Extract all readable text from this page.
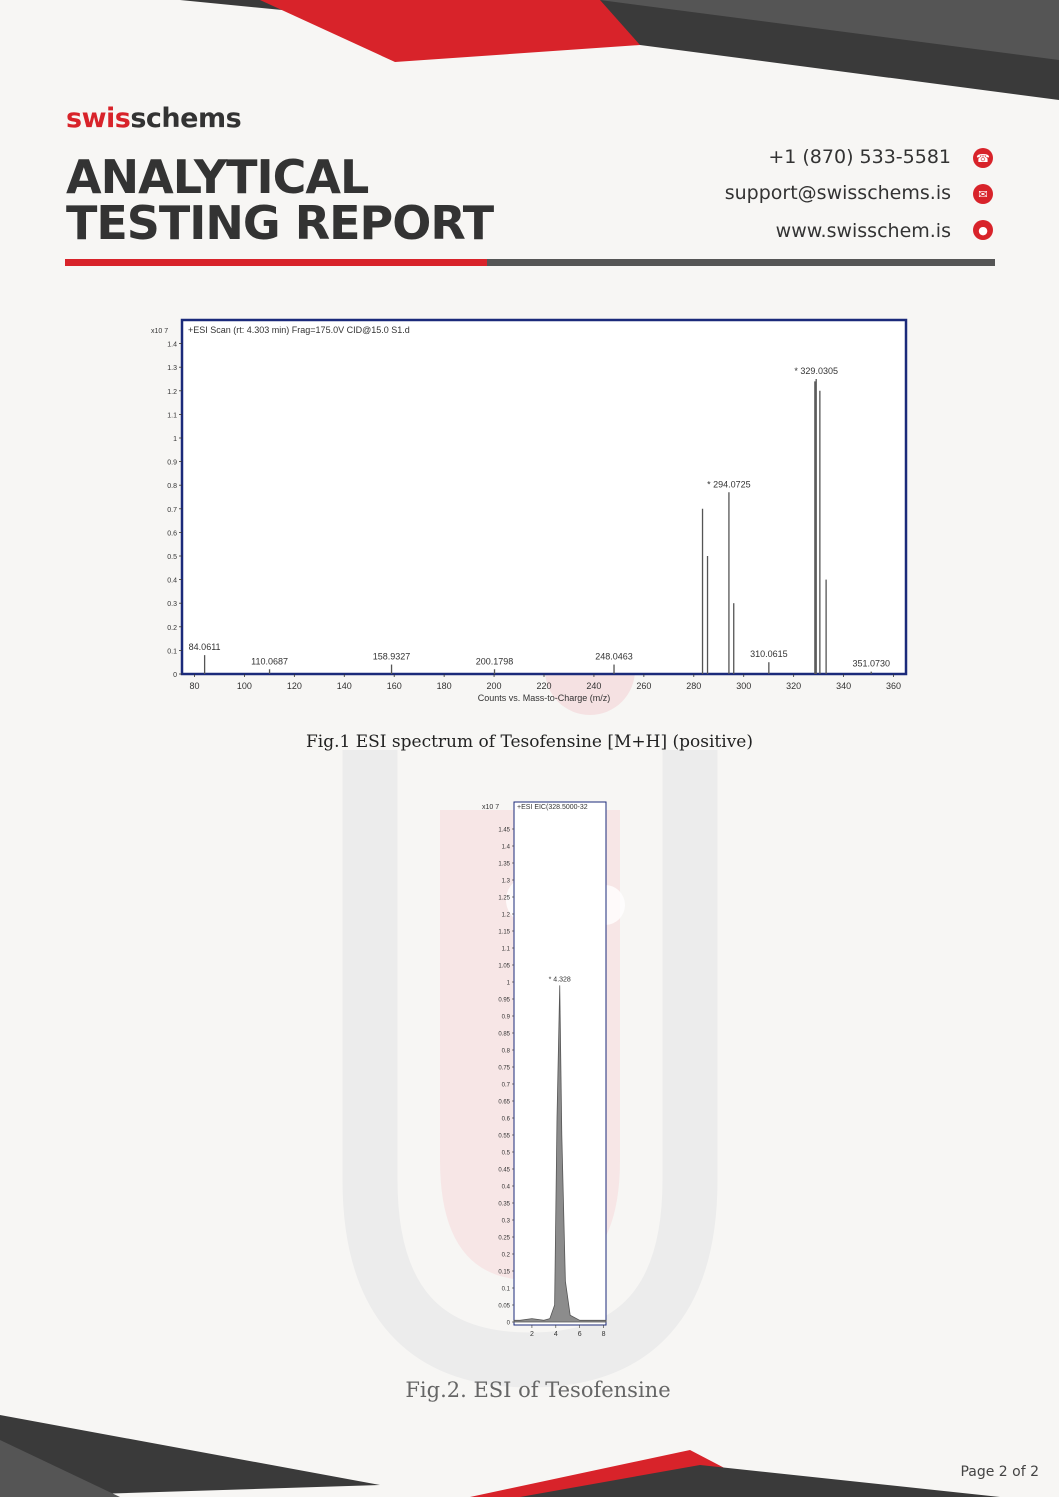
swisschems
ANALYTICAL
TESTING REPORT
+1 (870) 533-5581 ☎
support@swisschems.is	✉
www.swisschem.is	●
x10 7 +ESI Scan (rt: 4.303 min) Frag=175.0V CID@15.0 S1.d
0
0.1
0.2
0.3
0.4
0.5
0.6
0.7
0.8
0.9
1
1.1
1.2
1.3
1.4
80	100	120	140	160	180	200	220	240	260	280	300	320	340	360
84.0611
110.0687	158.9327	200.1798	248.0463
* 294.0725
310.0615
* 329.0305
351.0730
Counts vs. Mass-to-Charge (m/z)
Fig.1 ESI spectrum of Tesofensine [M+H] (positive)
x10 7	+ESI EIC(328.5000-32
0
0.05
0.1
0.15
0.2
0.25
0.3
0.35
0.4
0.45
0.5
0.55
0.6
0.65
0.7
0.75
0.8
0.85
0.9
0.95
1
1.05
1.1
1.15
1.2
1.25
1.3
1.35
1.4
1.45
2	4	6	8
* 4.328
Fig.2. ESI of Tesofensine
Page 2 of 2
